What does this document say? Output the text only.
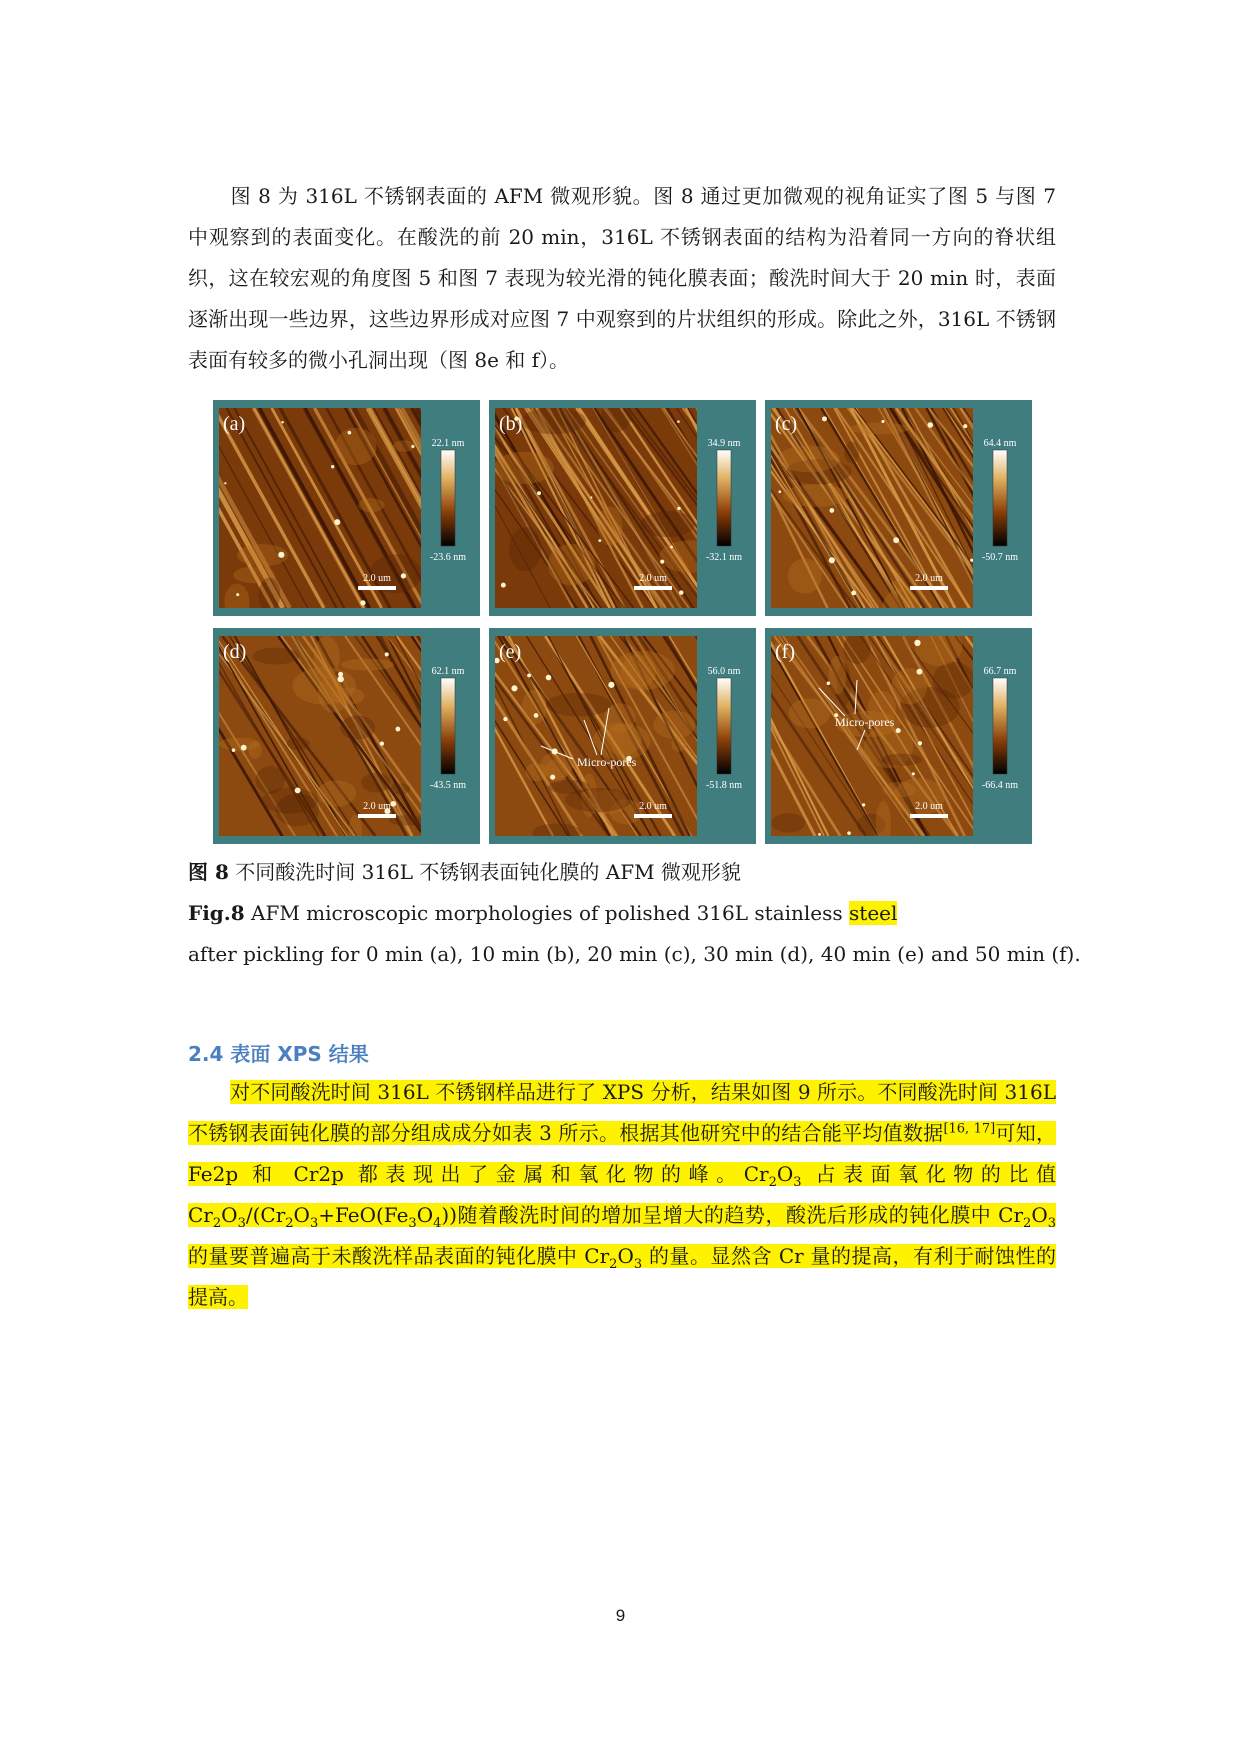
图 8 为 316L 不锈钢表面的 AFM 微观形貌。图 8 通过更加微观的视角证实了图 5 与图 7 中观察到的表面变化。在酸洗的前 20 min，316L 不锈钢表面的结构为沿着同一方向的脊状组织，这在较宏观的角度图 5 和图 7 表现为较光滑的钝化膜表面；酸洗时间大于 20 min 时，表面逐渐出现一些边界，这些边界形成对应图 7 中观察到的片状组织的形成。除此之外，316L 不锈钢表面有较多的微小孔洞出现（图 8e 和 f）。

(a)
22.1 nm
-23.6 nm
2.0 um
(b)
34.9 nm
-32.1 nm
2.0 um
(c)
64.4 nm
-50.7 nm
2.0 um
(d)
62.1 nm
-43.5 nm
2.0 um
(e)
56.0 nm
-51.8 nm
2.0 um
Micro-pores
(f)
66.7 nm
-66.4 nm
2.0 um
Micro-pores
图 8 不同酸洗时间 316L 不锈钢表面钝化膜的 AFM 微观形貌
Fig.8 AFM microscopic morphologies of polished 316L stainless steel
after pickling for 0 min (a), 10 min (b), 20 min (c), 30 min (d), 40 min (e) and 50 min (f).
2.4 表面 XPS 结果

对不同酸洗时间 316L 不锈钢样品进行了 XPS 分析，结果如图 9 所示。不同酸洗时间 316L 不锈钢表面钝化膜的部分组成成分如表 3 所示。根据其他研究中的结合能平均值数据[16, 17]可知，Fe2p 和 Cr2p 都表现出了金属和氧化物的峰。$Cr_2O_3$ 占表面氧化物的比值 $Cr_2O_3/(Cr_2O_3+FeO(Fe_3O_4))$随着酸洗时间的增加呈增大的趋势，酸洗后形成的钝化膜中 $Cr_2O_3$ 的量要普遍高于未酸洗样品表面的钝化膜中 $Cr_2O_3$ 的量。显然含 Cr 量的提高，有利于耐蚀性的提高。

9
